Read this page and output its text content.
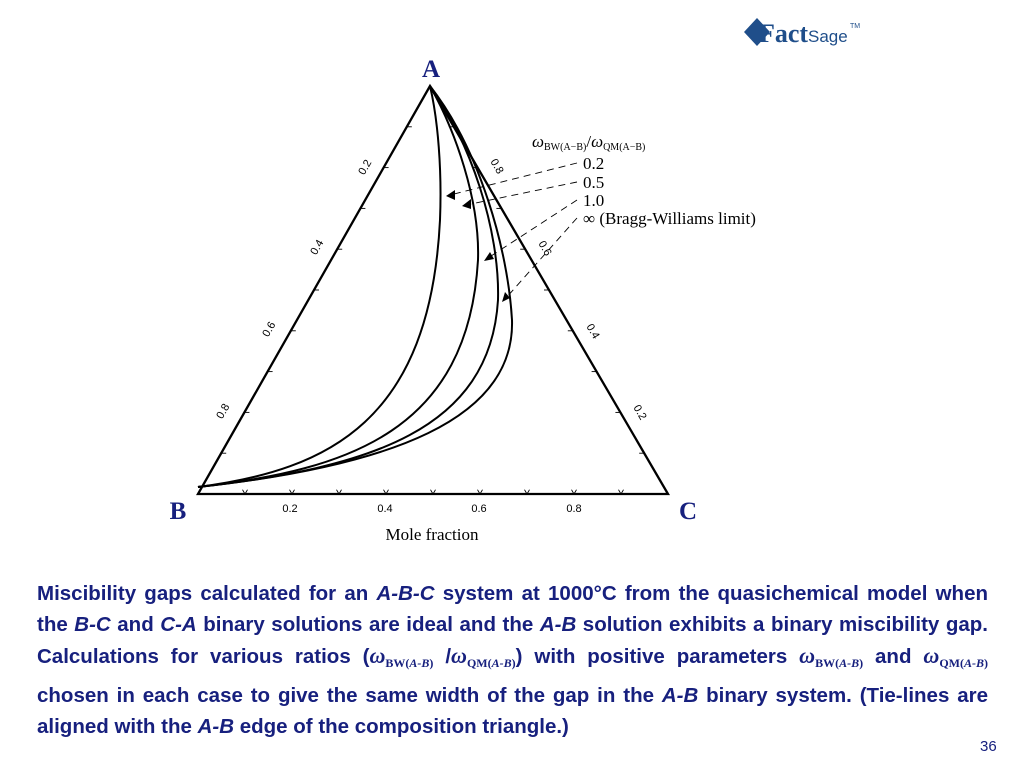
Fact Sage
TM
A
B	C
0.2
0.4
0.6
0.8
0.8
0.6
0.4
0.2
0.2	0.4	0.6	0.8
Mole fraction
$\omega_{BW(A-B)}/\omega_{QM(A-B)}$
0.2
0.5
1.0
∞ (Bragg-Williams limit)
Miscibility gaps calculated for an A-B-C system at 1000°C from the quasichemical model when the B-C and C-A binary solutions are ideal and the A-B solution exhibits a binary miscibility gap. Calculations for various ratios ($\omega_{BW(A-B)}$ $/\omega_{QM(A-B)}$) with positive parameters $\omega_{BW(A-B)}$ and $\omega_{QM(A-B)}$ chosen in each case to give the same width of the gap in the A-B binary system. (Tie-lines are aligned with the A-B edge of the composition triangle.)
36
